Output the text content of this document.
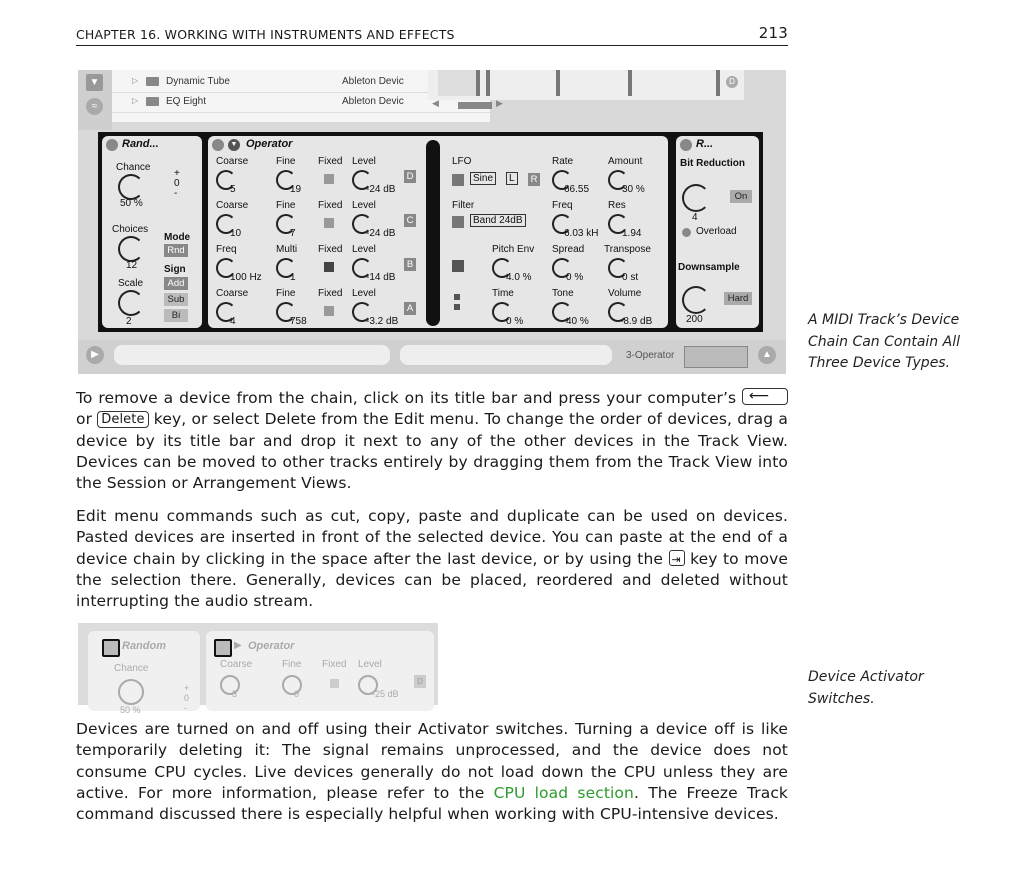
CHAPTER 16. WORKING WITH INSTRUMENTS AND EFFECTS	213
▼
≈
▷	Dynamic Tube	Ableton Devic
▷	EQ Eight	Ableton Devic
D
◀	▶
Rand...
Chance
50 %
+
0
-
Choices
12
Mode
Rnd
Sign
Add
Sub
Bi
Scale
2
▼ Operator
Coarse	Fine Fixed Level
5	19	-24 dB
D
Coarse	Fine Fixed Level
10	7	-24 dB
C
Freq	Multi Fixed Level
100 Hz	1	-14 dB
B
Coarse	Fine Fixed Level
4	758	-3.2 dB
A
LFO
Sine	L	R
Rate
66.55
Amount
30 %
Filter
Band 24dB
Freq
6.03 kH
Res
1.94
Pitch Env
4.0 %
Spread
0 %
Transpose
0 st
Time
0 %
Tone
40 %
Volume
-8.9 dB
R...
Bit Reduction
4
On
Overload
Downsample
200
Hard
▶	3-Operator	▲
A MIDI Track’s Device Chain Can Contain All Three Device Types.
To remove a device from the chain, click on its title bar and press your computer’s ⟵
or Delete key, or select Delete from the Edit menu. To change the order of devices, drag a device by its title bar and drop it next to any of the other devices in the Track View. Devices can be moved to other tracks entirely by dragging them from the Track View into the Session or Arrangement Views.
Edit menu commands such as cut, copy, paste and duplicate can be used on devices. Pasted devices are inserted in front of the selected device. You can paste at the end of a device chain by clicking in the space after the last device, or by using the ⇥ key to move the selection there. Generally, devices can be placed, reordered and deleted without interrupting the audio stream.
Random
Chance
50 %
+
0
-
▶ Operator
Coarse	Fine Fixed Level
5	0	-25 dB
D	Device Activator Switches.
Devices are turned on and off using their Activator switches. Turning a device off is like temporarily deleting it: The signal remains unprocessed, and the device does not consume CPU cycles. Live devices generally do not load down the CPU unless they are active. For more information, please refer to the CPU load section. The Freeze Track command discussed there is especially helpful when working with CPU-intensive devices.
